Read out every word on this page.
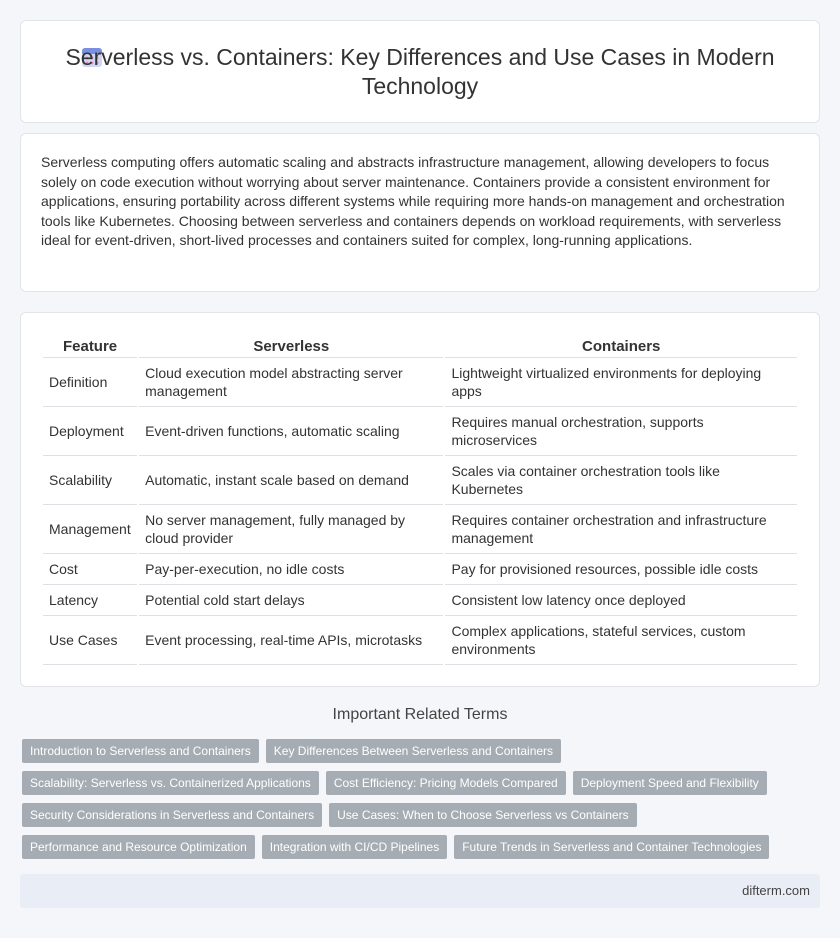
Serverless vs. Containers: Key Differences and Use Cases in Modern Technology

Serverless computing offers automatic scaling and abstracts infrastructure management, allowing developers to focus solely on code execution without worrying about server maintenance. Containers provide a consistent environment for applications, ensuring portability across different systems while requiring more hands-on management and orchestration tools like Kubernetes. Choosing between serverless and containers depends on workload requirements, with serverless ideal for event-driven, short-lived processes and containers suited for complex, long-running applications.

Feature	Serverless	Containers
Definition	Cloud execution model abstracting server management	Lightweight virtualized environments for deploying apps
Deployment	Event-driven functions, automatic scaling	Requires manual orchestration, supports microservices
Scalability	Automatic, instant scale based on demand	Scales via container orchestration tools like Kubernetes
Management	No server management, fully managed by cloud provider	Requires container orchestration and infrastructure management
Cost	Pay-per-execution, no idle costs	Pay for provisioned resources, possible idle costs
Latency	Potential cold start delays	Consistent low latency once deployed
Use Cases	Event processing, real-time APIs, microtasks	Complex applications, stateful services, custom environments
Important Related Terms
Introduction to Serverless and Containers	Key Differences Between Serverless and Containers
Scalability: Serverless vs. Containerized Applications	Cost Efficiency: Pricing Models Compared	Deployment Speed and Flexibility
Security Considerations in Serverless and Containers	Use Cases: When to Choose Serverless vs Containers
Performance and Resource Optimization	Integration with CI/CD Pipelines	Future Trends in Serverless and Container Technologies
difterm.com
